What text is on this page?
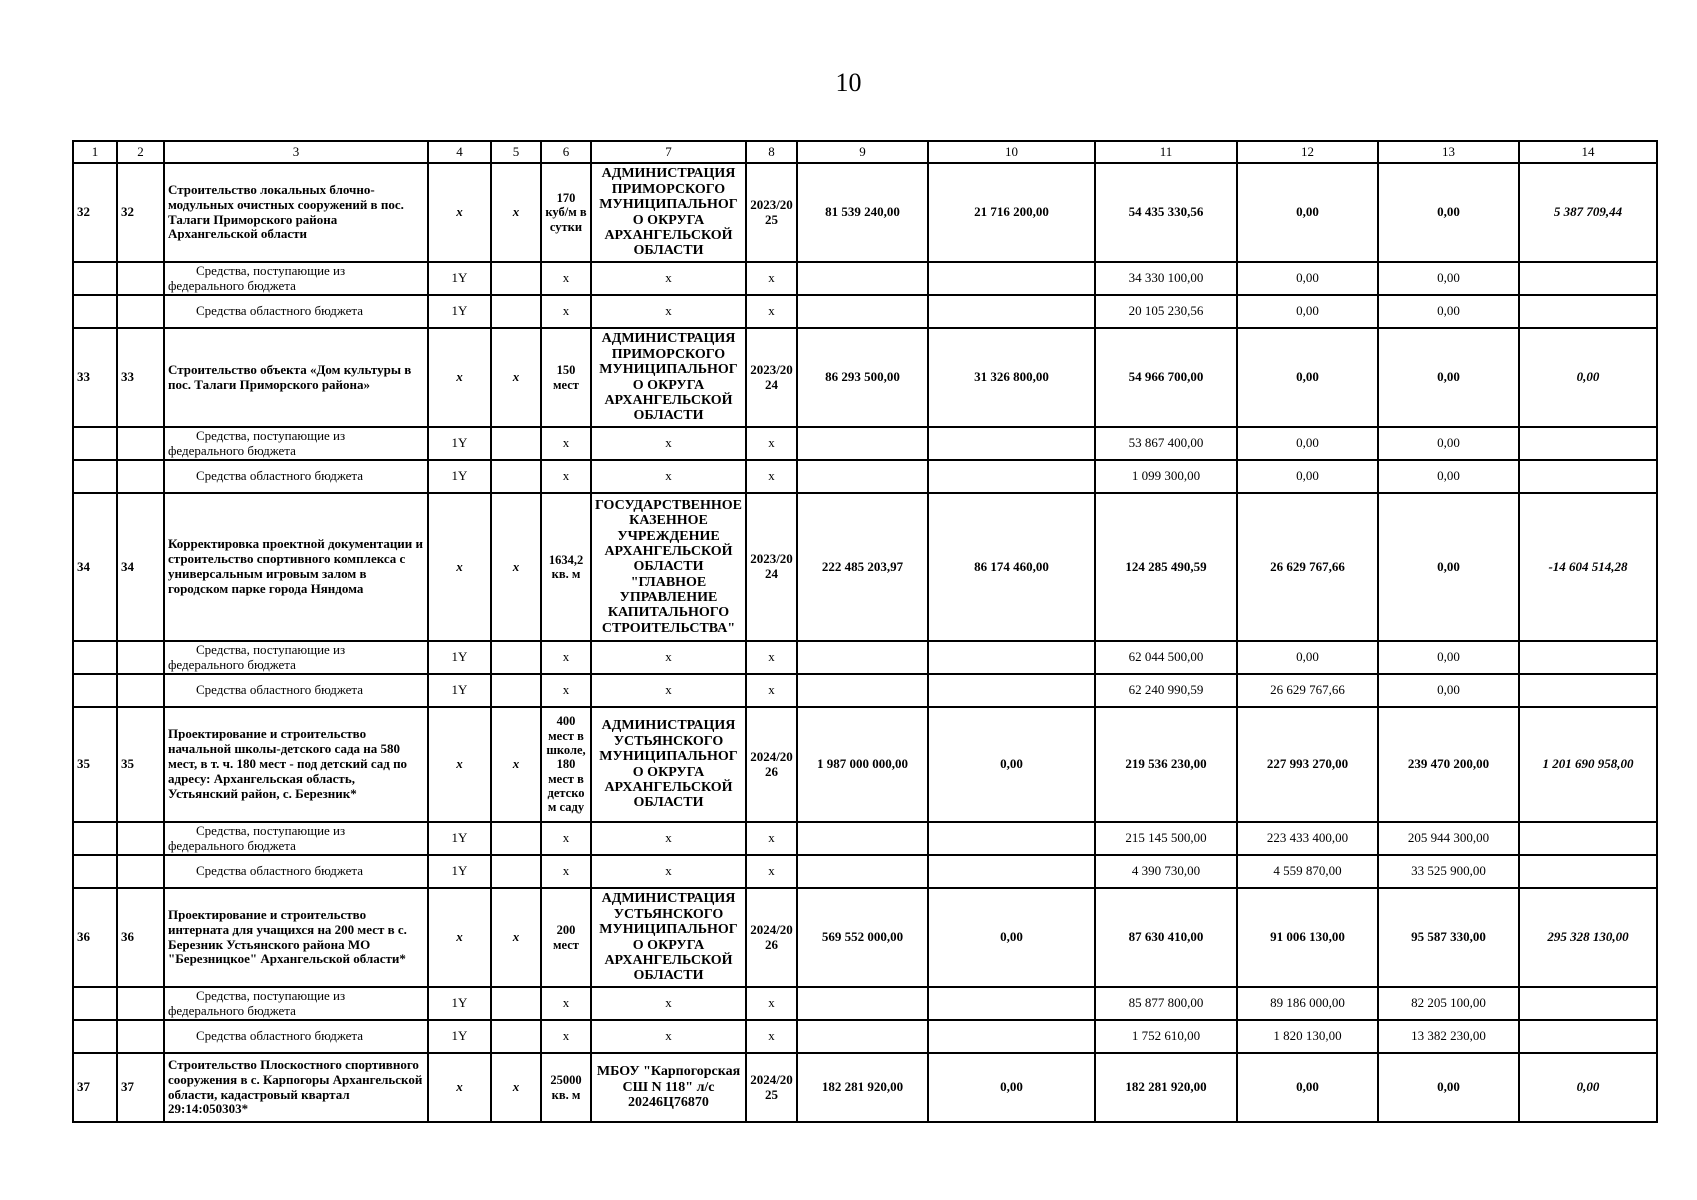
10
1	2	3	4	5	6	7	8	9	10	11	12	13	14
32	32	Строительство локальных блочно-модульных очистных сооружений в пос. Талаги Приморского района Архангельской области	x	x	170 куб/м в сутки	АДМИНИСТРАЦИЯ ПРИМОРСКОГО МУНИЦИПАЛЬНОГО ОКРУГА АРХАНГЕЛЬСКОЙ ОБЛАСТИ	2023/2025	81 539 240,00	21 716 200,00	54 435 330,56	0,00	0,00	5 387 709,44
		Средства, поступающие из федерального бюджета	1Y		x	x	x			34 330 100,00	0,00	0,00	
		Средства областного бюджета	1Y		x	x	x			20 105 230,56	0,00	0,00	
33	33	Строительство объекта «Дом культуры в пос. Талаги Приморского района»	x	x	150 мест	АДМИНИСТРАЦИЯ ПРИМОРСКОГО МУНИЦИПАЛЬНОГО ОКРУГА АРХАНГЕЛЬСКОЙ ОБЛАСТИ	2023/2024	86 293 500,00	31 326 800,00	54 966 700,00	0,00	0,00	0,00
		Средства, поступающие из федерального бюджета	1Y		x	x	x			53 867 400,00	0,00	0,00	
		Средства областного бюджета	1Y		x	x	x			1 099 300,00	0,00	0,00	
34	34	Корректировка проектной документации и строительство спортивного комплекса с универсальным игровым залом в городском парке города Няндома	x	x	1634,2 кв. м	ГОСУДАРСТВЕННОЕ КАЗЕННОЕ УЧРЕЖДЕНИЕ АРХАНГЕЛЬСКОЙ ОБЛАСТИ "ГЛАВНОЕ УПРАВЛЕНИЕ КАПИТАЛЬНОГО СТРОИТЕЛЬСТВА"	2023/2024	222 485 203,97	86 174 460,00	124 285 490,59	26 629 767,66	0,00	-14 604 514,28
		Средства, поступающие из федерального бюджета	1Y		x	x	x			62 044 500,00	0,00	0,00	
		Средства областного бюджета	1Y		x	x	x			62 240 990,59	26 629 767,66	0,00	
35	35	Проектирование и строительство начальной школы-детского сада на 580 мест, в т. ч. 180 мест - под детский сад по адресу: Архангельская область, Устьянский район, с. Березник*	x	x	400 мест в школе, 180 мест в детском саду	АДМИНИСТРАЦИЯ УСТЬЯНСКОГО МУНИЦИПАЛЬНОГО ОКРУГА АРХАНГЕЛЬСКОЙ ОБЛАСТИ	2024/2026	1 987 000 000,00	0,00	219 536 230,00	227 993 270,00	239 470 200,00	1 201 690 958,00
		Средства, поступающие из федерального бюджета	1Y		x	x	x			215 145 500,00	223 433 400,00	205 944 300,00	
		Средства областного бюджета	1Y		x	x	x			4 390 730,00	4 559 870,00	33 525 900,00	
36	36	Проектирование и строительство интерната для учащихся на 200 мест в с. Березник Устьянского района МО "Березницкое" Архангельской области*	x	x	200 мест	АДМИНИСТРАЦИЯ УСТЬЯНСКОГО МУНИЦИПАЛЬНОГО ОКРУГА АРХАНГЕЛЬСКОЙ ОБЛАСТИ	2024/2026	569 552 000,00	0,00	87 630 410,00	91 006 130,00	95 587 330,00	295 328 130,00
		Средства, поступающие из федерального бюджета	1Y		x	x	x			85 877 800,00	89 186 000,00	82 205 100,00	
		Средства областного бюджета	1Y		x	x	x			1 752 610,00	1 820 130,00	13 382 230,00	
37	37	Строительство Плоскостного спортивного сооружения в с. Карпогоры Архангельской области, кадастровый квартал 29:14:050303*	x	x	25000 кв. м	МБОУ "Карпогорская СШ N 118" л/с 20246Ц76870	2024/2025	182 281 920,00	0,00	182 281 920,00	0,00	0,00	0,00
